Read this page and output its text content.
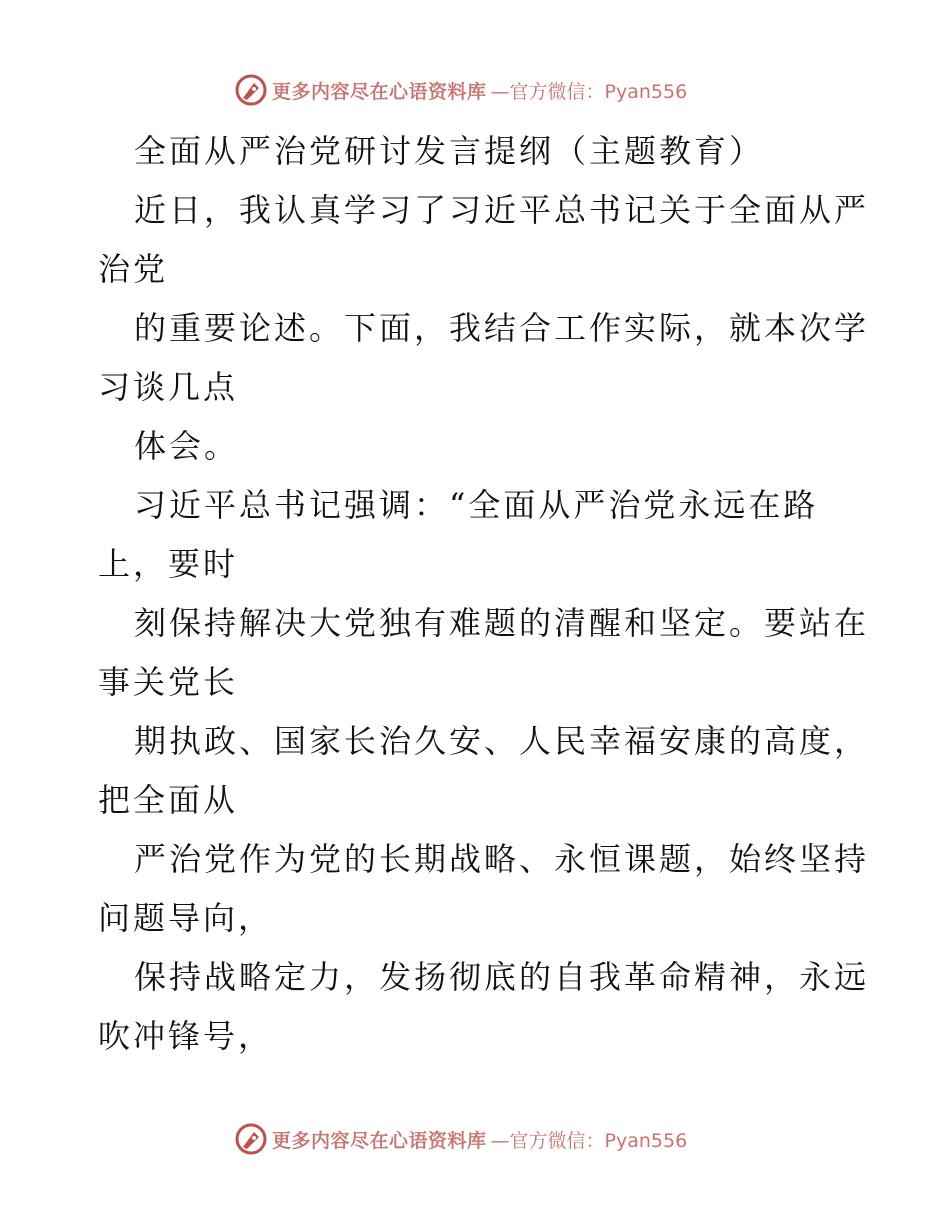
更多内容尽在心语资料库 —官方微信：Pyan556
全面从严治党研讨发言提纲（主题教育）
近日，我认真学习了习近平总书记关于全面从严
治党
的重要论述。下面，我结合工作实际，就本次学
习谈几点
体会。
习近平总书记强调：“全面从严治党永远在路
上，要时
刻保持解决大党独有难题的清醒和坚定。要站在
事关党长
期执政、国家长治久安、人民幸福安康的高度，
把全面从
严治党作为党的长期战略、永恒课题，始终坚持
问题导向，
保持战略定力，发扬彻底的自我革命精神，永远
吹冲锋号，
更多内容尽在心语资料库 —官方微信：Pyan556
